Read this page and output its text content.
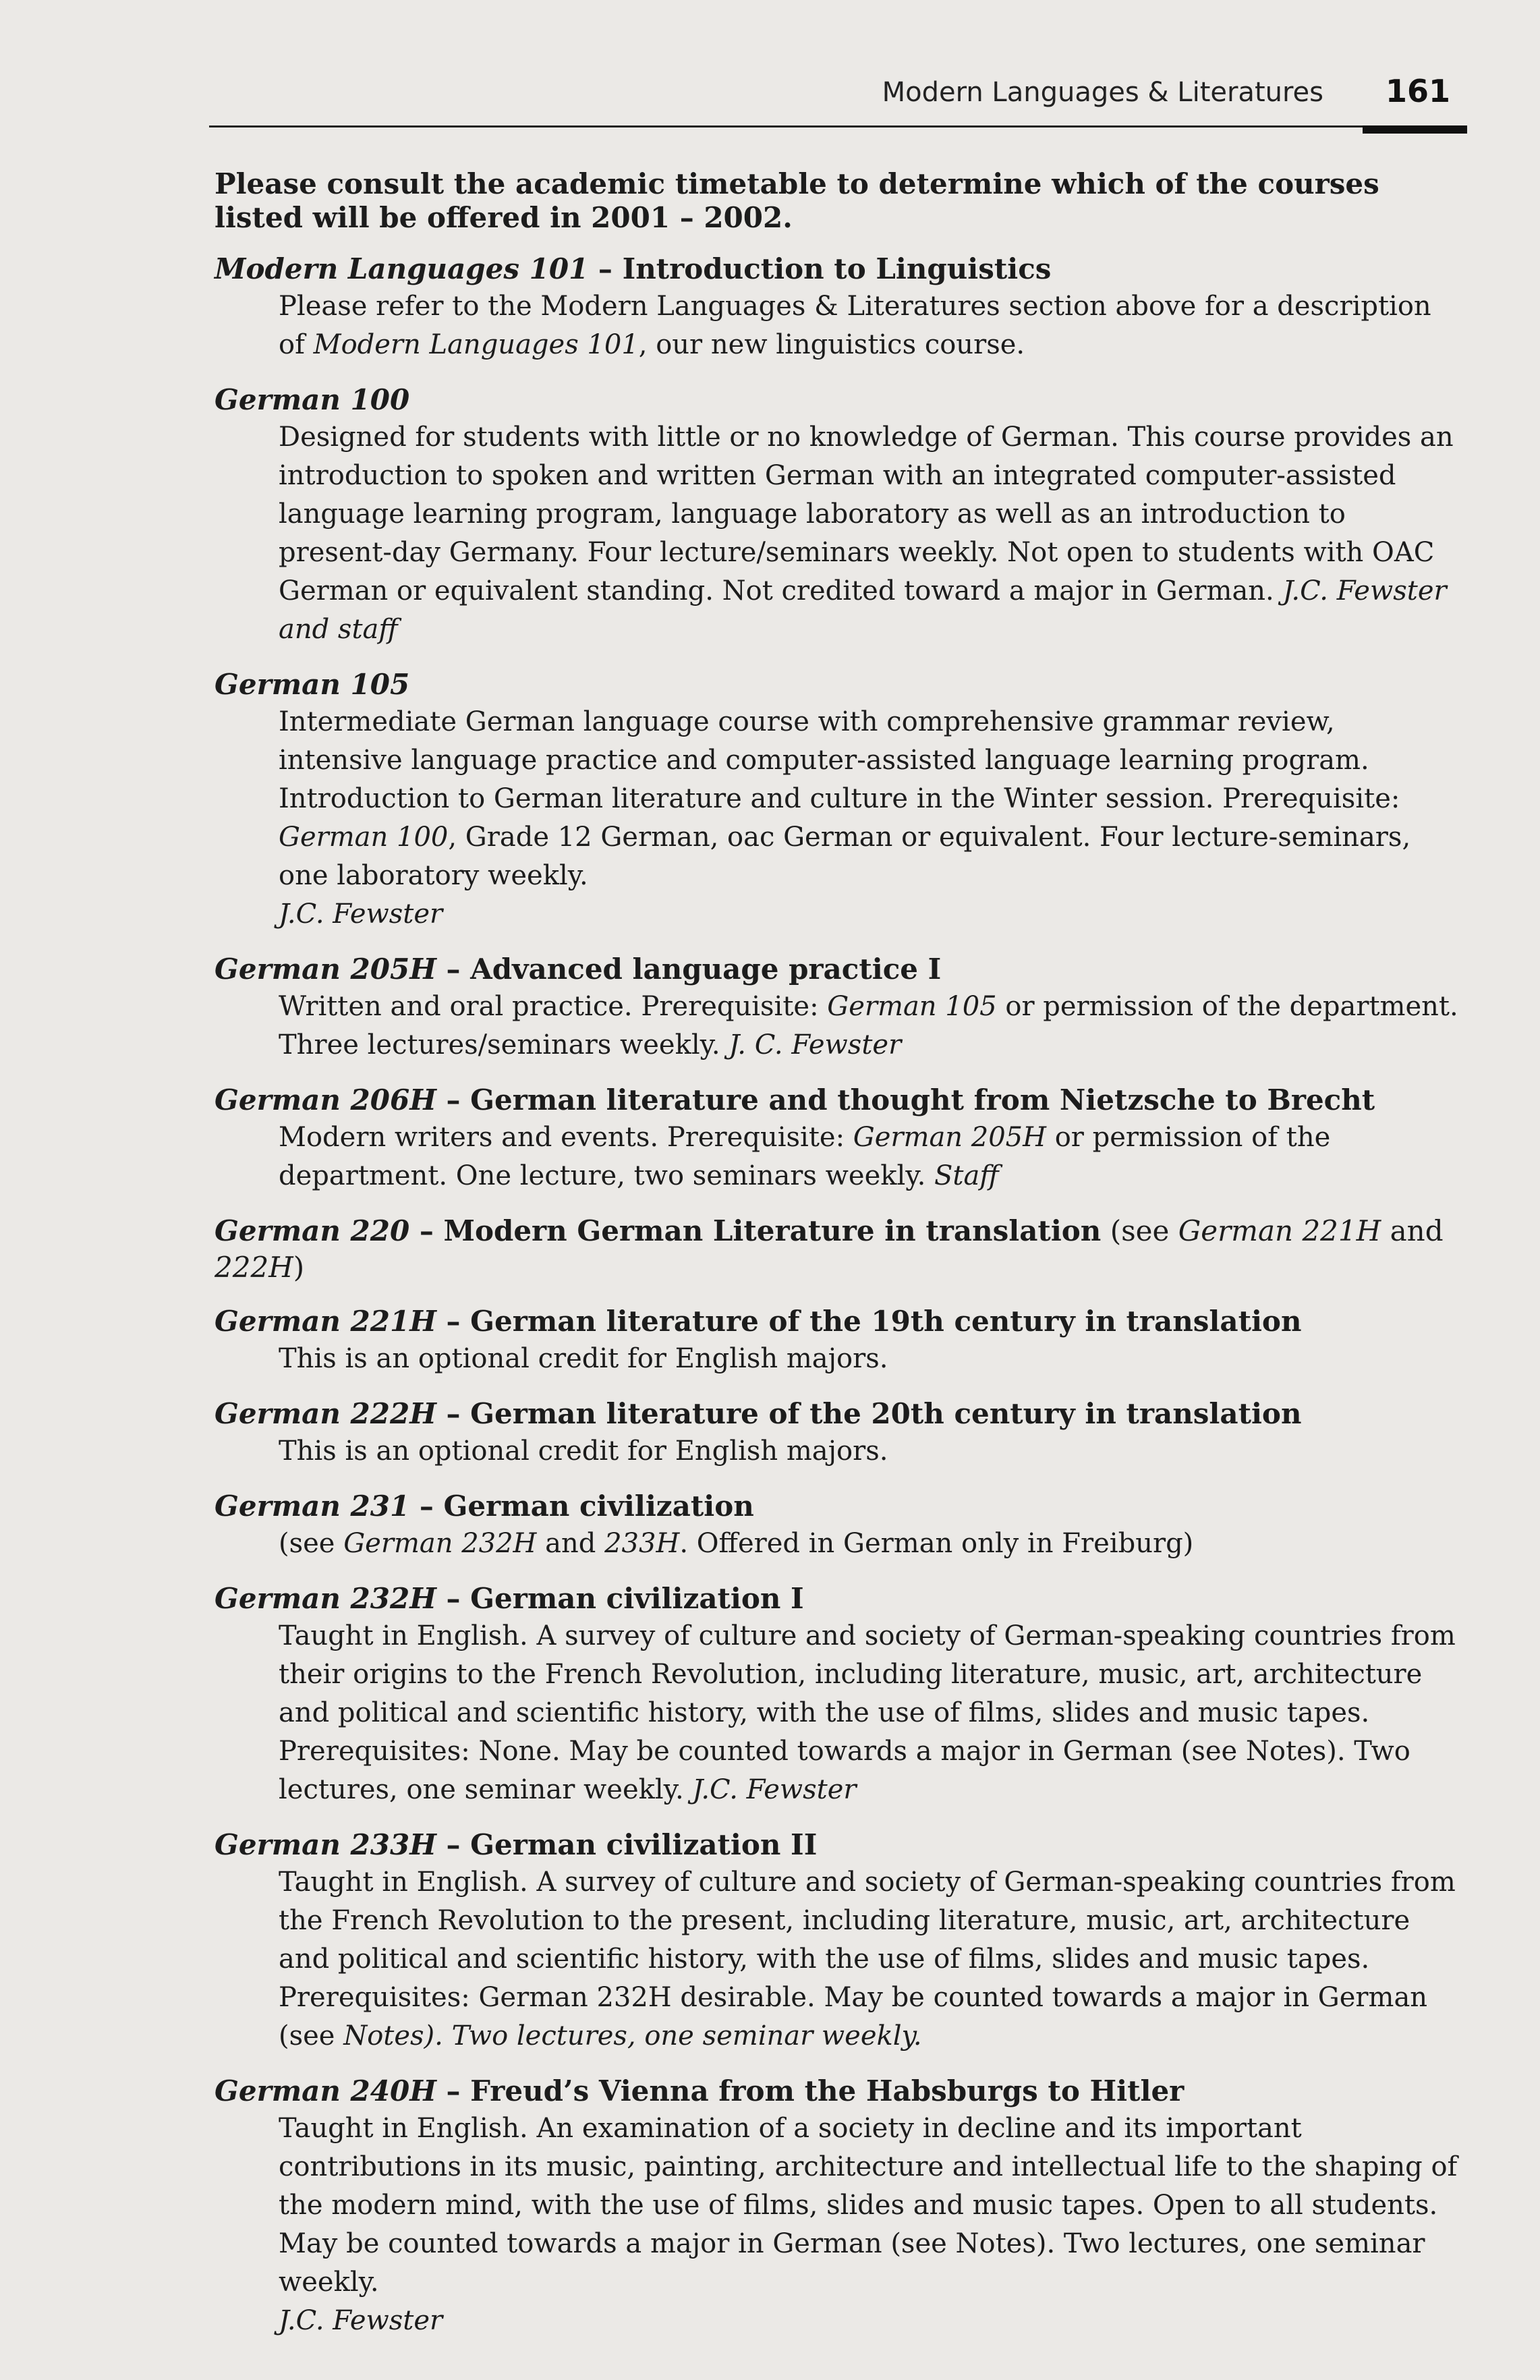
Modern Languages & Literatures 161

Please consult the academic timetable to determine which of the courses listed will be offered in 2001 – 2002.

Modern Languages 101 – Introduction to Linguistics
Please refer to the Modern Languages & Literatures section above for a description of Modern Languages 101, our new linguistics course.
German 100
Designed for students with little or no knowledge of German. This course provides an introduction to spoken and written German with an integrated computer-assisted language learning program, language laboratory as well as an introduction to present-day Germany. Four lecture/seminars weekly. Not open to students with OAC German or equivalent standing. Not credited toward a major in German. J.C. Fewster and staff
German 105
Intermediate German language course with comprehensive grammar review, intensive language practice and computer-assisted language learning program. Introduction to German literature and culture in the Winter session. Prerequisite: German 100, Grade 12 German, oac German or equivalent. Four lecture-seminars, one laboratory weekly.
J.C. Fewster
German 205H – Advanced language practice I
Written and oral practice. Prerequisite: German 105 or permission of the department. Three lectures/seminars weekly. J. C. Fewster
German 206H – German literature and thought from Nietzsche to Brecht
Modern writers and events. Prerequisite: German 205H or permission of the department. One lecture, two seminars weekly. Staff
German 220 – Modern German Literature in translation (see German 221H and 222H)
German 221H – German literature of the 19th century in translation
This is an optional credit for English majors.
German 222H – German literature of the 20th century in translation
This is an optional credit for English majors.
German 231 – German civilization
(see German 232H and 233H. Offered in German only in Freiburg)
German 232H – German civilization I
Taught in English. A survey of culture and society of German-speaking countries from their origins to the French Revolution, including literature, music, art, architecture and political and scientific history, with the use of films, slides and music tapes. Prerequisites: None. May be counted towards a major in German (see Notes). Two lectures, one seminar weekly. J.C. Fewster
German 233H – German civilization II
Taught in English. A survey of culture and society of German-speaking countries from the French Revolution to the present, including literature, music, art, architecture and political and scientific history, with the use of films, slides and music tapes. Prerequisites: German 232H desirable. May be counted towards a major in German (see Notes). Two lectures, one seminar weekly.
German 240H – Freud’s Vienna from the Habsburgs to Hitler
Taught in English. An examination of a society in decline and its important contributions in its music, painting, architecture and intellectual life to the shaping of the modern mind, with the use of films, slides and music tapes. Open to all students. May be counted towards a major in German (see Notes). Two lectures, one seminar weekly.
J.C. Fewster
